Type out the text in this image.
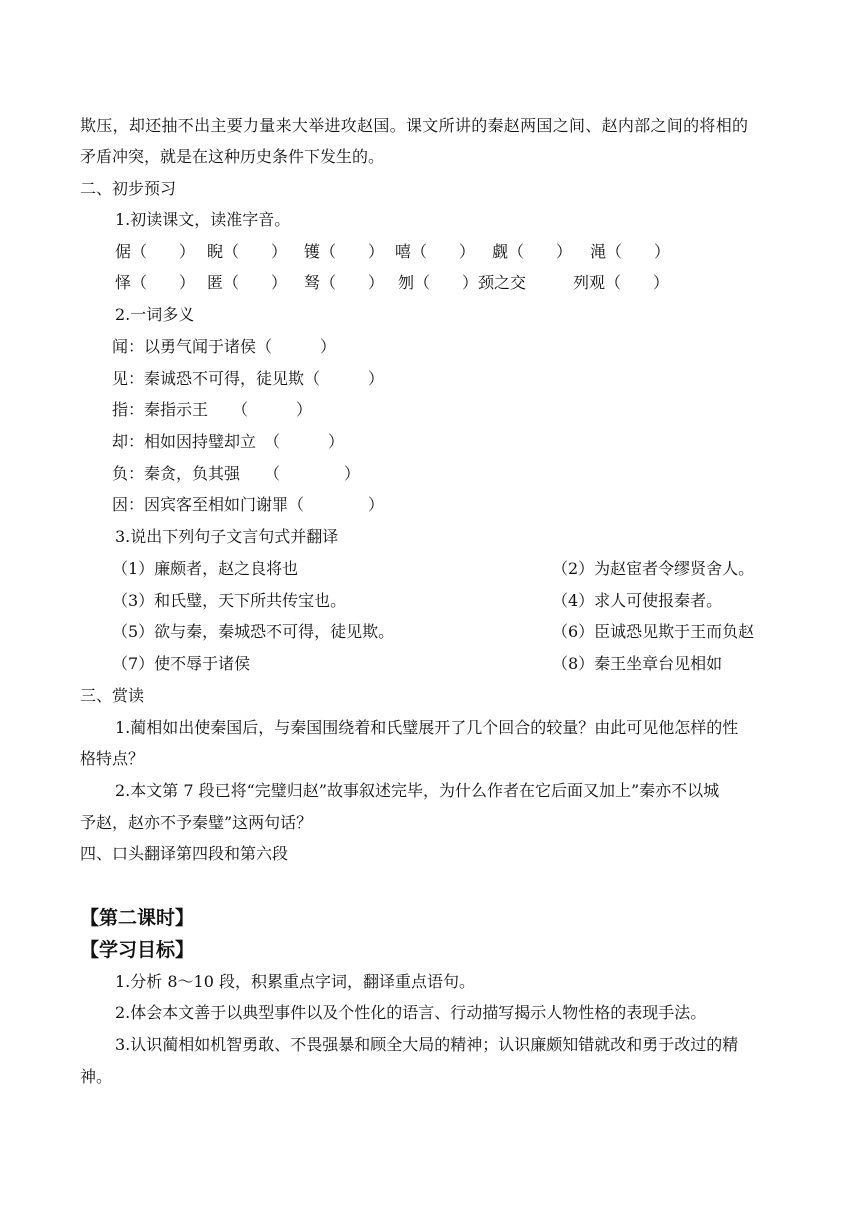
欺压，却还抽不出主要力量来大举进攻赵国。课文所讲的秦赵两国之间、赵内部之间的将相的
矛盾冲突，就是在这种历史条件下发生的。
二、初步预习
1.初读课文，读准字音。
倨（　　） 睨（　　） 镬（　　） 嘻（　　） 觑（　　） 渑（　　）
怿（　　） 匿（　　） 驽（　　） 刎（　　）颈之交	列观（　　）
2.一词多义
闻：以勇气闻于诸侯（　　　）
见：秦诚恐不可得，徒见欺（　　　）
指：秦指示王　　（　　　）
却：相如因持璧却立　（　　　）
负：秦贪，负其强　　（　　　　）
因：因宾客至相如门谢罪（　　　　）
3.说出下列句子文言句式并翻译
（1）廉颇者，赵之良将也	（2）为赵宦者令缪贤舍人。
（3）和氏璧，天下所共传宝也。	（4）求人可使报秦者。
（5）欲与秦，秦城恐不可得，徒见欺。	（6）臣诚恐见欺于王而负赵
（7）使不辱于诸侯	（8）秦王坐章台见相如
三、赏读
1.蔺相如出使秦国后，与秦国围绕着和氏璧展开了几个回合的较量？由此可见他怎样的性
格特点？
2.本文第 7 段已将“完璧归赵”故事叙述完毕，为什么作者在它后面又加上”秦亦不以城
予赵，赵亦不予秦璧”这两句话？
四、口头翻译第四段和第六段
【第二课时】
【学习目标】
1.分析 8～10 段，积累重点字词，翻译重点语句。
2.体会本文善于以典型事件以及个性化的语言、行动描写揭示人物性格的表现手法。
3.认识蔺相如机智勇敢、不畏强暴和顾全大局的精神；认识廉颇知错就改和勇于改过的精
神。
